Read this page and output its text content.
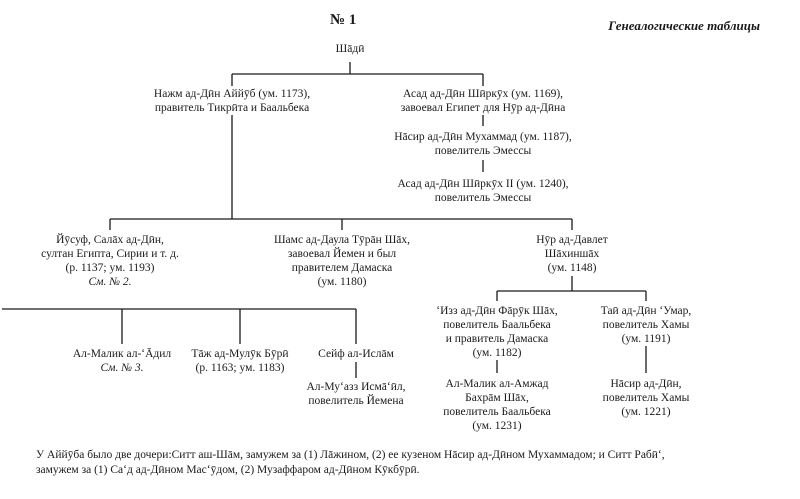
№ 1	Генеалогические таблицы
Шāдӣ
Нажм ад-Дӣн Аййӯб (ум. 1173),
правитель Тикрӣта и Баальбека
Асад ад-Дӣн Шӣркӯх (ум. 1169),
завоевал Египет для Нӯр ад-Дӣна
Нāсир ад-Дӣн Мухаммад (ум. 1187),
повелитель Эмессы
Асад ад-Дӣн Шӣркӯх II (ум. 1240),
повелитель Эмессы
Йӯсуф, Салāх ад-Дӣн,
султан Египта, Сирии и т. д.
(р. 1137; ум. 1193)
См. № 2.
Шамс ад-Даула Тӯрāн Шāх,
завоевал Йемен и был
правителем Дамаска
(ум. 1180)
Нӯр ад-Давлет
Шāхиншāх
(ум. 1148)
Ал-Малик ал-ʻĀдил
См. № 3.
Тāж ад-Мулӯк Бӯрӣ
(р. 1163; ум. 1183)
Сейф ал-Ислāм
Ал-Муʻазз Исмāʻӣл,
повелитель Йемена
ʻИзз ад-Дӣн Фāрӯк Шāх,
повелитель Баальбека
и правитель Дамаска
(ум. 1182)
Таӣ ад-Дӣн ʻУмар,
повелитель Хамы
(ум. 1191)
Ал-Малик ал-Амжад
Бахрāм Шāх,
повелитель Баальбека
(ум. 1231)
Нāсир ад-Дӣн,
повелитель Хамы
(ум. 1221)
У Аййӯба было две дочери:Ситт аш-Шāм, замужем за (1) Лāжином, (2) ее кузеном Нāсир ад-Дӣном Мухаммадом; и Ситт Рабӣʻ,
замужем за (1) Саʻд ад-Дӣном Масʻӯдом, (2) Музаффаром ад-Дӣном Кӯкбӯрӣ.
